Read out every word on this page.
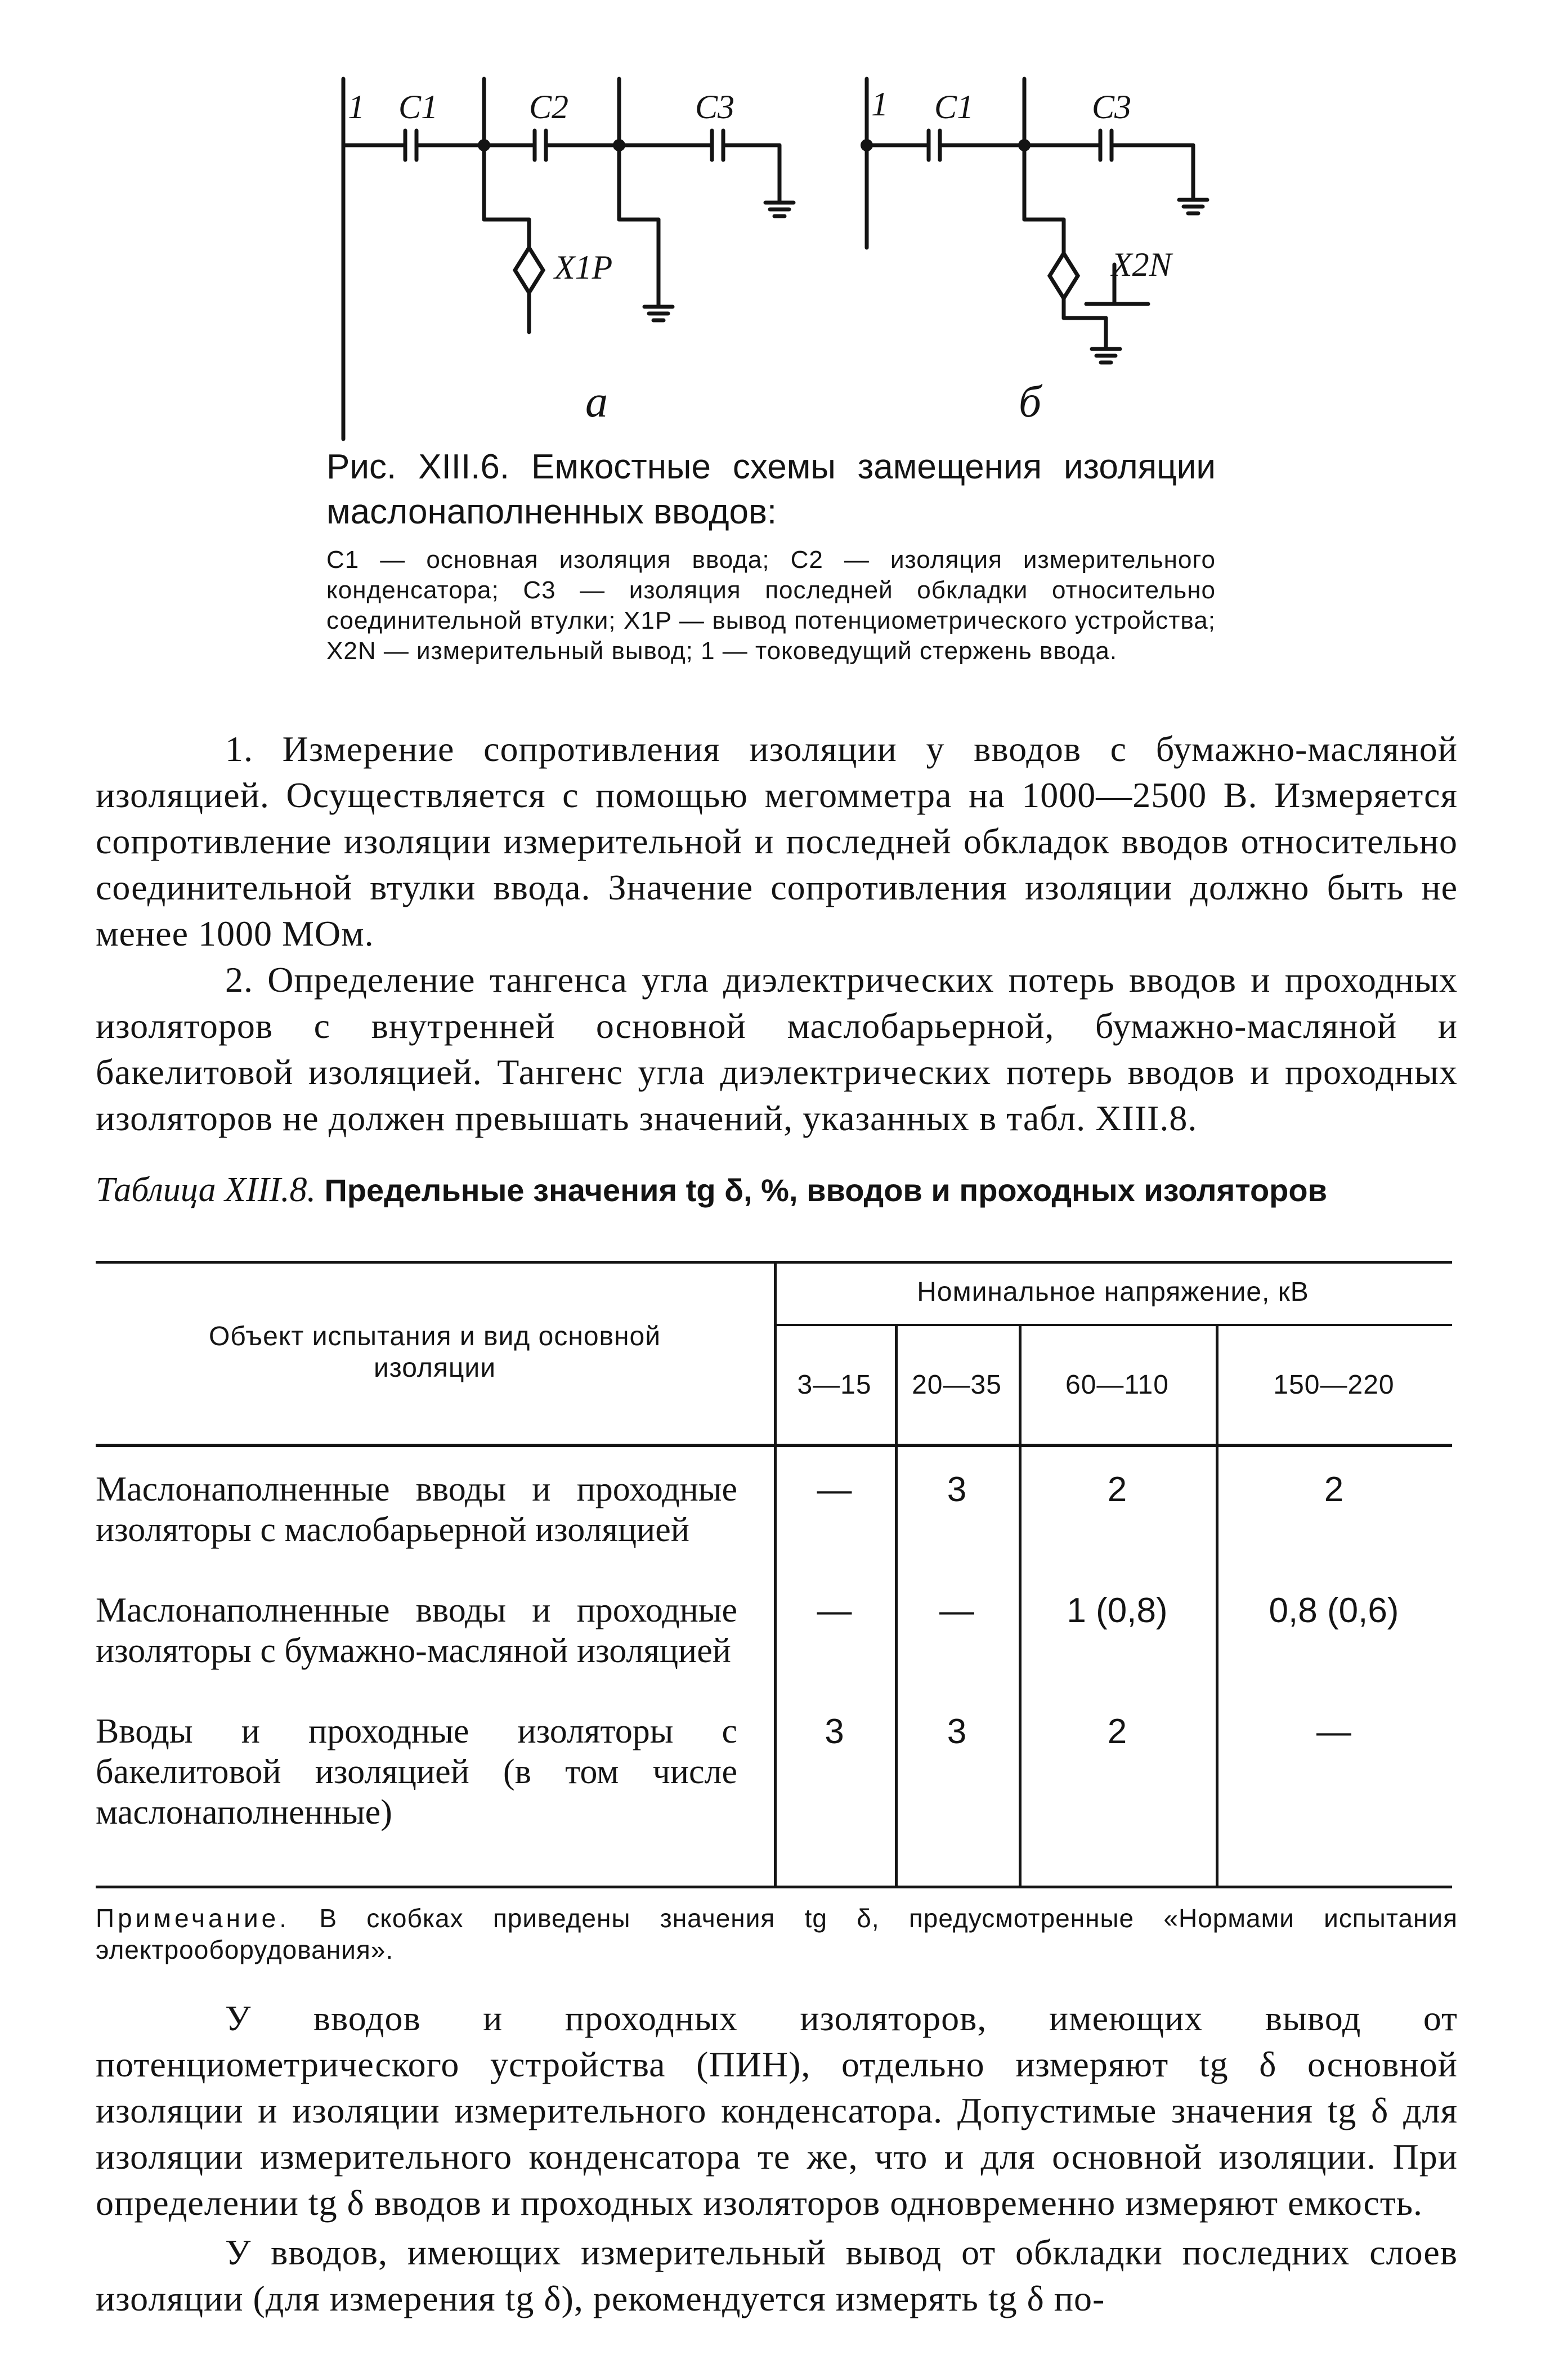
1 C1	C2	C3
X1P
а
1 C1	C3
X2N
б
Рис. XIII.6. Емкостные схемы замещения изоляции маслонаполненных вводов:
C1 — основная изоляция ввода; C2 — изоляция измерительного конденсатора; C3 — изоляция последней обкладки относительно соединительной втулки; X1P — вывод потенциометрического устройства; X2N — измерительный вывод; 1 — токоведущий стержень ввода.

1. Измерение сопротивления изоляции у вводов с бумажно-масляной изоляцией. Осуществляется с помощью мегомметра на 1000—2500 В. Измеряется сопротивление изоляции измерительной и последней обкладок вводов относительно соединительной втулки ввода. Значение сопротивления изоляции должно быть не менее 1000 МОм.

2. Определение тангенса угла диэлектрических потерь вводов и проходных изоляторов с внутренней основной маслобарьерной, бумажно-масляной и бакелитовой изоляцией. Тангенс угла диэлектрических потерь вводов и проходных изоляторов не должен превышать значений, указанных в табл. XIII.8.

Таблица XIII.8. Предельные значения tg δ, %, вводов и проходных изоляторов
Объект испытания и вид основной изоляции
Номинальное напряжение, кВ
3—15	20—35	60—110	150—220
Маслонаполненные вводы и проходные изоляторы с маслобарьерной изоляцией
—	3	2	2
Маслонаполненные вводы и проходные изоляторы с бумажно-масляной изоляцией
—	—	1 (0,8)	0,8 (0,6)
Вводы и проходные изоляторы с бакелитовой изоляцией (в том числе маслонаполненные)
3	3	2	—
Примечание. В скобках приведены значения tg δ, предусмотренные «Нормами испытания электрооборудования».

У вводов и проходных изоляторов, имеющих вывод от потенциометрического устройства (ПИН), отдельно измеряют tg δ основной изоляции и изоляции измерительного конденсатора. Допустимые значения tg δ для изоляции измерительного конденсатора те же, что и для основной изоляции. При определении tg δ вводов и проходных изоляторов одновременно измеряют емкость.

У вводов, имеющих измерительный вывод от обкладки последних слоев изоляции (для измерения tg δ), рекомендуется измерять tg δ по-
